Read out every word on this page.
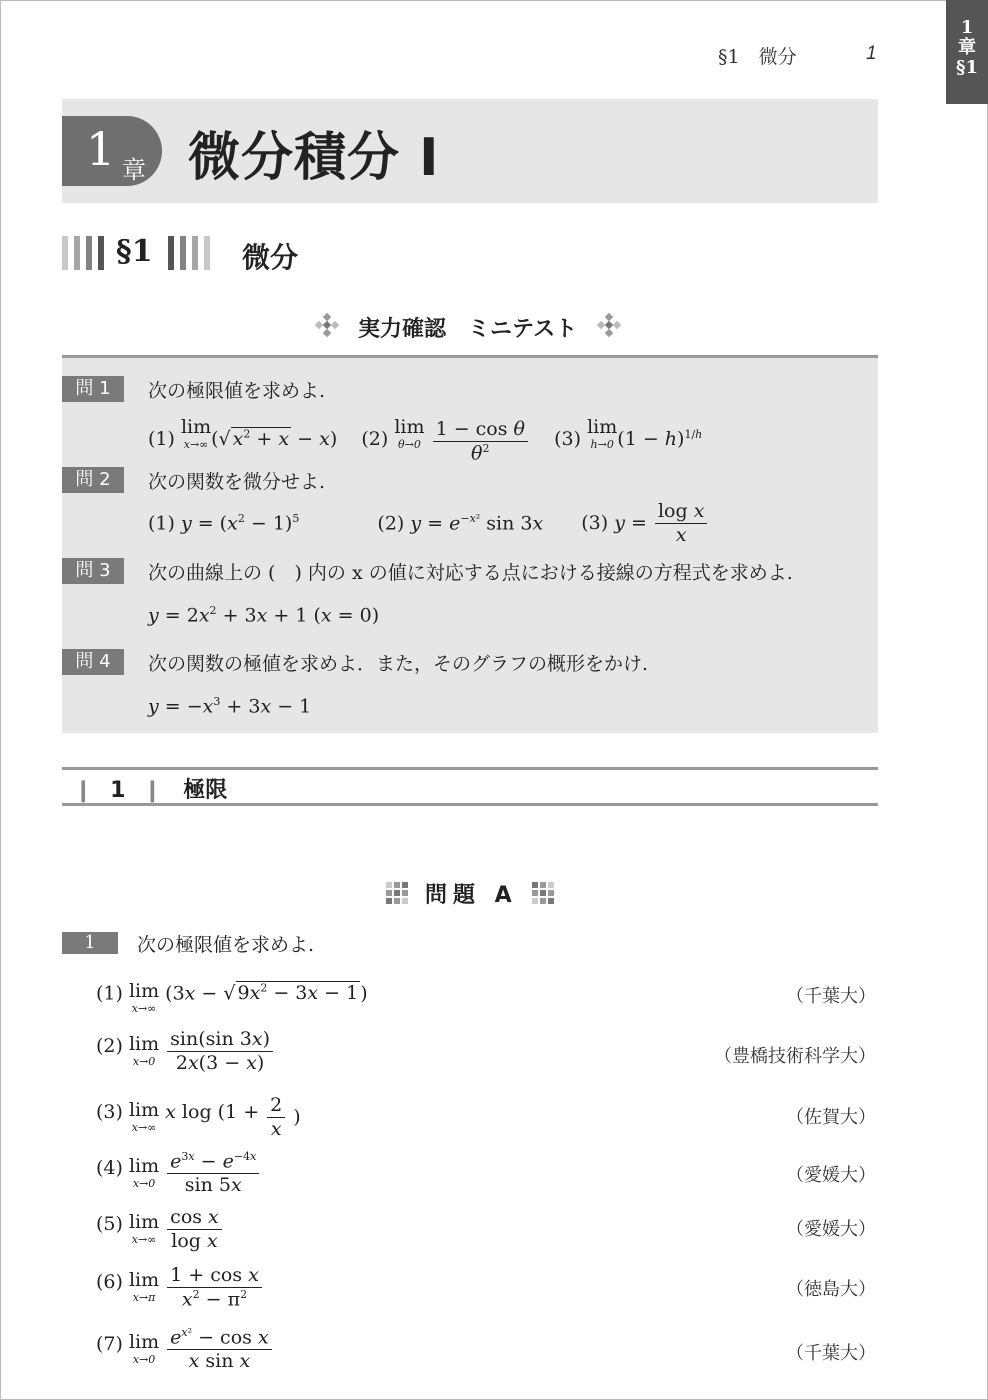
§1　微分	1
1
章
§1
1 章 微分積分 Ⅰ
§1	微分
実力確認　ミニテスト
問 1	次の極限値を求めよ.
(1) lim
x→∞ (√ $x^2 + x - x$)    (2) lim
θ→0
$\frac{\text{1 − cos θ}}{\theta^2} (3)$ lim
h→0 $(1 - h)^{1/h}$
問 2	次の関数を微分せよ.
(1) $y = (x^2 - 1)^5$	(2) $y = e^{-x^2}$ sin 3x (3) $y = \frac{\text{log x}}{x}$
問 3	次の曲線上の (　) 内の x の値に対応する点における接線の方程式を求めよ.
$y = 2x^2 + 3x + 1$ (x = 0)
問 4	次の関数の極値を求めよ．また，そのグラフの概形をかけ.
$y = -x^3 + 3x - 1$
❙ 1 ❙ 極限
問題 A
1	次の極限値を求めよ.
(1) lim
x→∞
(3x − √ $9x^2 - 3x - 1$ )	（千葉大）
(2) lim
x→0
$\frac{\sin(\sin 3x)}{2x(3 - x)}$	（豊橋技術科学大）
(3) lim
x→∞
x $\log (1 + \frac{2}{x}$ )	（佐賀大）
(4) lim
x→0
$\frac{e^{3x} - e^{-4x}}{\sin 5x}$	（愛媛大）
(5) lim
x→∞
$\frac{\text{cos x}}{\text{log x}}$	（愛媛大）
(6) lim
x→π
$\frac{\text{1 + cos x}}{x^2 - \pi^2}$	（徳島大）
(7) lim
x→0
$\frac{e^{x^2} - \cos x}{\text{x sin x}}$	（千葉大）
